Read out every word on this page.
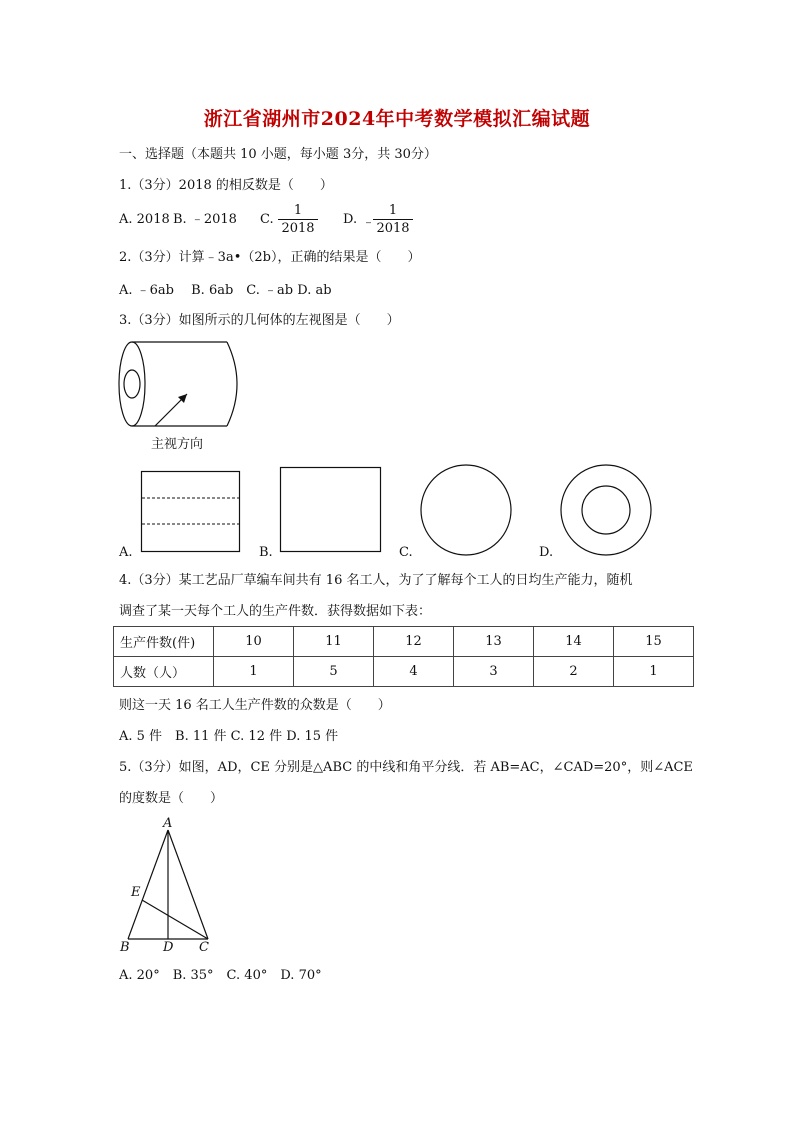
浙江省湖州市2024年中考数学模拟汇编试题
一、选择题（本题共 10 小题，每小题 3分，共 30分）
1.（3分）2018 的相反数是（　　）
A. 2018 B. ﹣2018 C.
1
2018
D. ﹣
1
2018
2.（3分）计算﹣3a•（2b），正确的结果是（　　）
A. ﹣6ab　 B. 6ab　C. ﹣ab D. ab
3.（3分）如图所示的几何体的左视图是（　　）
主视方向
A.	B.	C.	D.
4.（3分）某工艺品厂草编车间共有 16 名工人，为了了解每个工人的日均生产能力，随机
调查了某一天每个工人的生产件数．获得数据如下表：
生产件数(件)	10	11	12	13	14	15
人数（人）	1	5	4	3	2	1
则这一天 16 名工人生产件数的众数是（　　）
A. 5 件　B. 11 件 C. 12 件 D. 15 件
5.（3分）如图，AD，CE 分别是△ABC 的中线和角平分线．若 AB=AC，∠CAD=20°，则∠ACE
的度数是（　　）
A
B	C
D
E
A. 20°　B. 35°　C. 40°　D. 70°
